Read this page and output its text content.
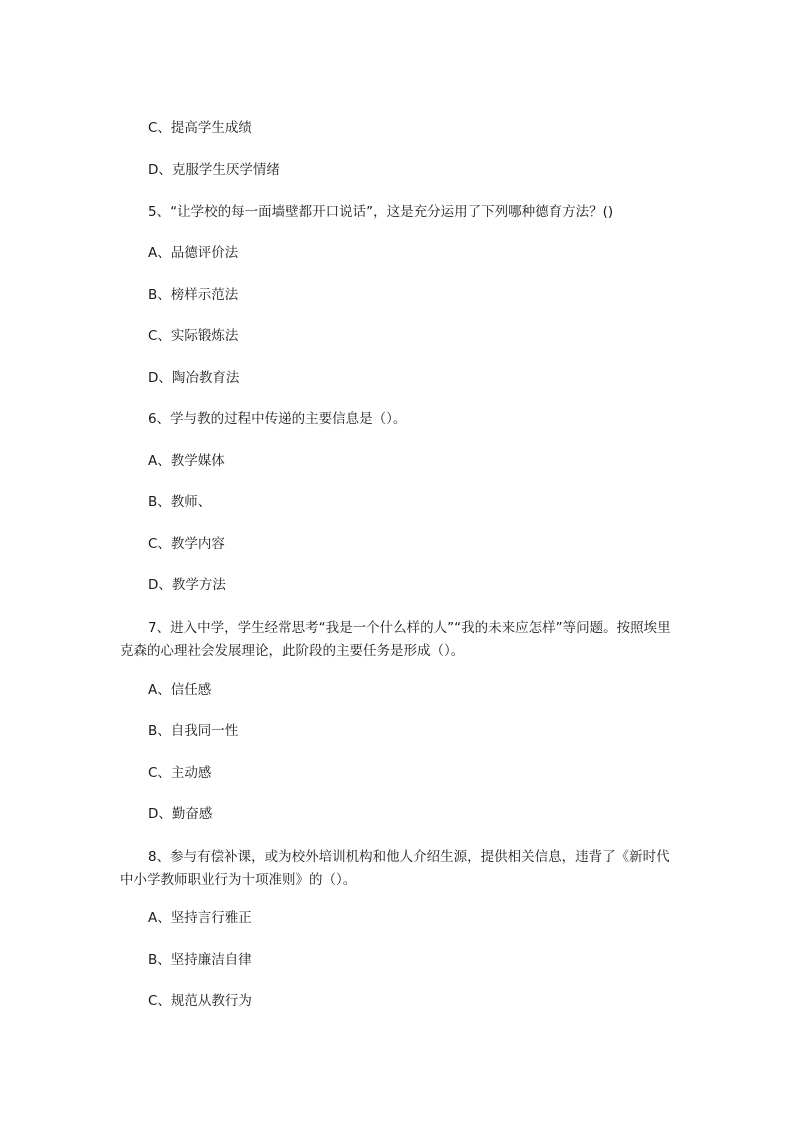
C、提高学生成绩
D、克服学生厌学情绪
5、“让学校的每一面墙壁都开口说话”，这是充分运用了下列哪种德育方法？()
A、品德评价法
B、榜样示范法
C、实际锻炼法
D、陶冶教育法
6、学与教的过程中传递的主要信息是（）。
A、教学媒体
B、教师、
C、教学内容
D、教学方法
7、进入中学，学生经常思考“我是一个什么样的人”“我的未来应怎样”等问题。按照埃里克森的心理社会发展理论，此阶段的主要任务是形成（）。
A、信任感
B、自我同一性
C、主动感
D、勤奋感
8、参与有偿补课，或为校外培训机构和他人介绍生源，提供相关信息，违背了《新时代中小学教师职业行为十项准则》的（）。
A、坚持言行雅正
B、坚持廉洁自律
C、规范从教行为
